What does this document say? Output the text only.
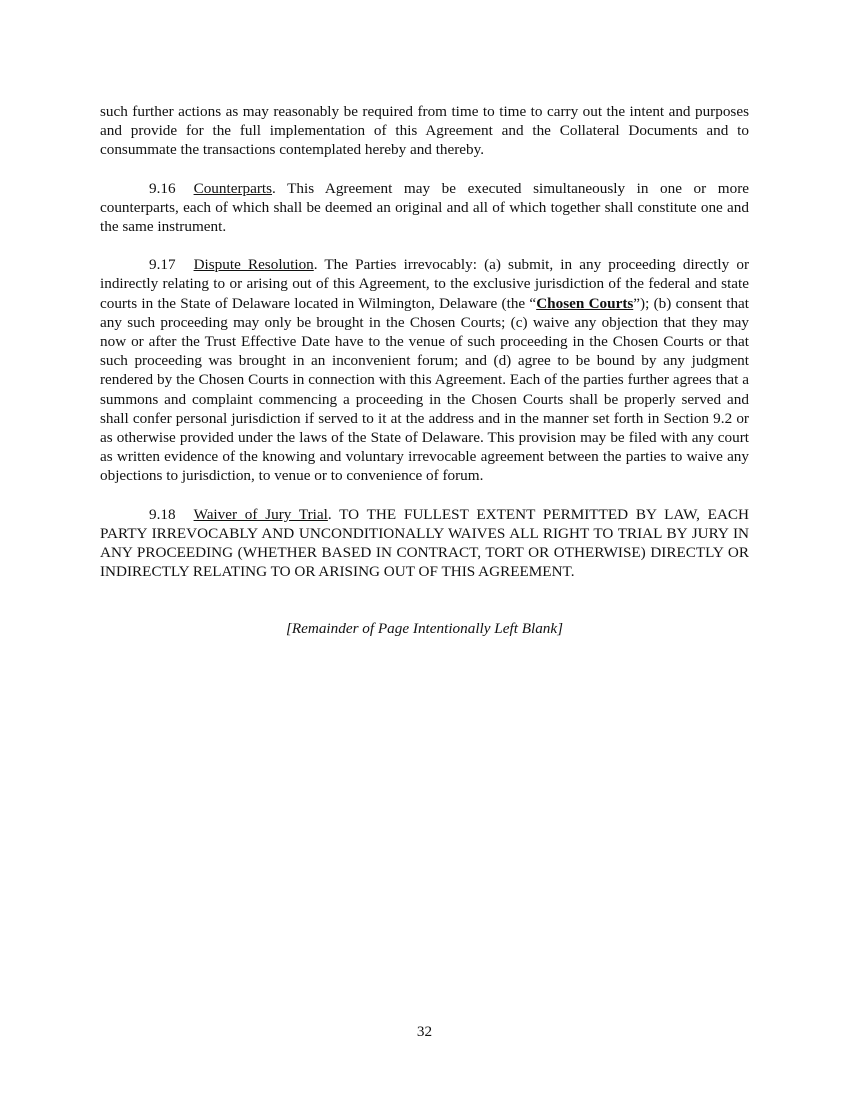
such further actions as may reasonably be required from time to time to carry out the intent and purposes and provide for the full implementation of this Agreement and the Collateral Documents and to consummate the transactions contemplated hereby and thereby.

9.16 Counterparts. This Agreement may be executed simultaneously in one or more counterparts, each of which shall be deemed an original and all of which together shall constitute one and the same instrument.

9.17 Dispute Resolution. The Parties irrevocably: (a) submit, in any proceeding directly or indirectly relating to or arising out of this Agreement, to the exclusive jurisdiction of the federal and state courts in the State of Delaware located in Wilmington, Delaware (the “Chosen Courts”); (b) consent that any such proceeding may only be brought in the Chosen Courts; (c) waive any objection that they may now or after the Trust Effective Date have to the venue of such proceeding in the Chosen Courts or that such proceeding was brought in an inconvenient forum; and (d) agree to be bound by any judgment rendered by the Chosen Courts in connection with this Agreement. Each of the parties further agrees that a summons and complaint commencing a proceeding in the Chosen Courts shall be properly served and shall confer personal jurisdiction if served to it at the address and in the manner set forth in Section 9.2 or as otherwise provided under the laws of the State of Delaware. This provision may be filed with any court as written evidence of the knowing and voluntary irrevocable agreement between the parties to waive any objections to jurisdiction, to venue or to convenience of forum.

9.18 Waiver of Jury Trial. TO THE FULLEST EXTENT PERMITTED BY LAW, EACH PARTY IRREVOCABLY AND UNCONDITIONALLY WAIVES ALL RIGHT TO TRIAL BY JURY IN ANY PROCEEDING (WHETHER BASED IN CONTRACT, TORT OR OTHERWISE) DIRECTLY OR INDIRECTLY RELATING TO OR ARISING OUT OF THIS AGREEMENT.

[Remainder of Page Intentionally Left Blank]

32
